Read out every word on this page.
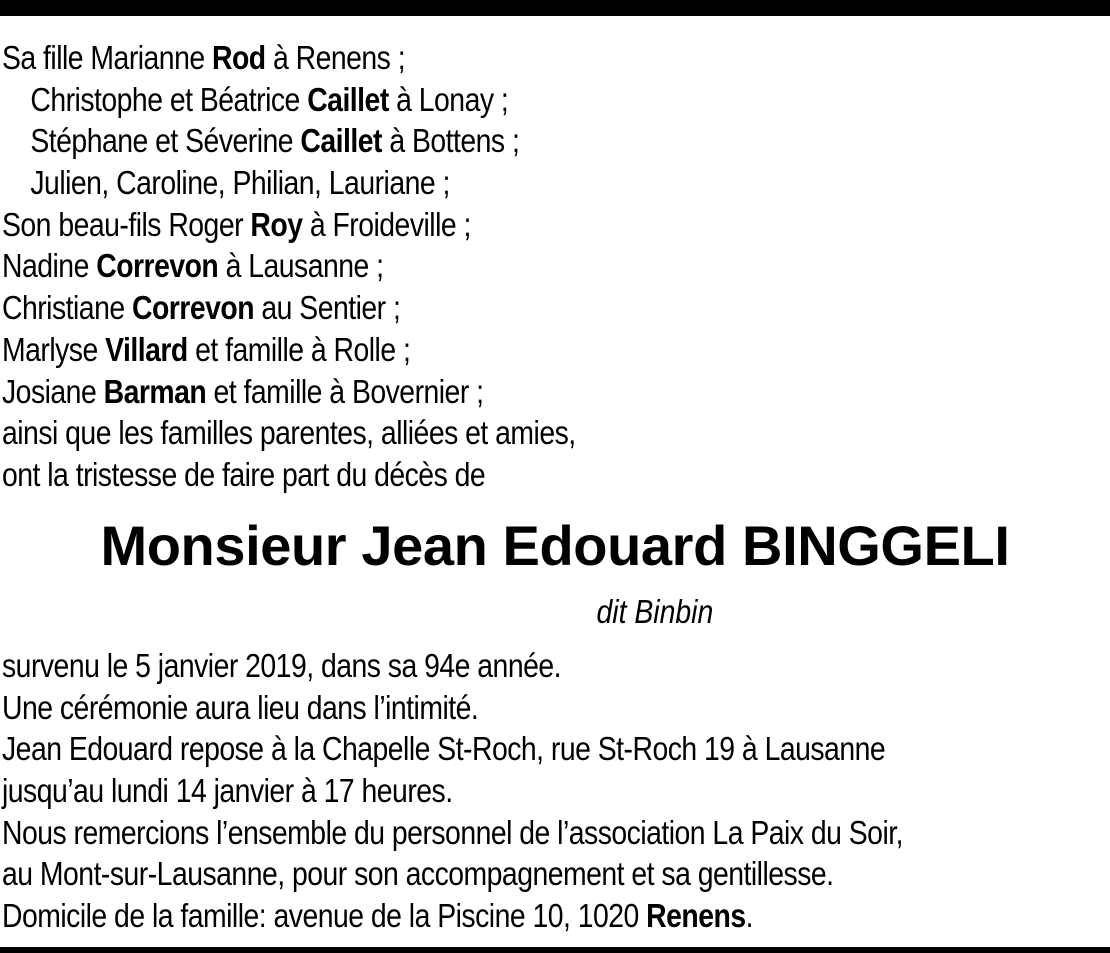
Sa fille Marianne Rod à Renens ;
Christophe et Béatrice Caillet à Lonay ;
Stéphane et Séverine Caillet à Bottens ;
Julien, Caroline, Philian, Lauriane ;
Son beau-fils Roger Roy à Froideville ;
Nadine Correvon à Lausanne ;
Christiane Correvon au Sentier ;
Marlyse Villard et famille à Rolle ;
Josiane Barman et famille à Bovernier ;
ainsi que les familles parentes, alliées et amies,
ont la tristesse de faire part du décès de
Monsieur Jean Edouard BINGGELI
dit Binbin
survenu le 5 janvier 2019, dans sa 94e année.
Une cérémonie aura lieu dans l’intimité.
Jean Edouard repose à la Chapelle St-Roch, rue St-Roch 19 à Lausanne
jusqu’au lundi 14 janvier à 17 heures.
Nous remercions l’ensemble du personnel de l’association La Paix du Soir,
au Mont-sur-Lausanne, pour son accompagnement et sa gentillesse.
Domicile de la famille: avenue de la Piscine 10, 1020 Renens.
